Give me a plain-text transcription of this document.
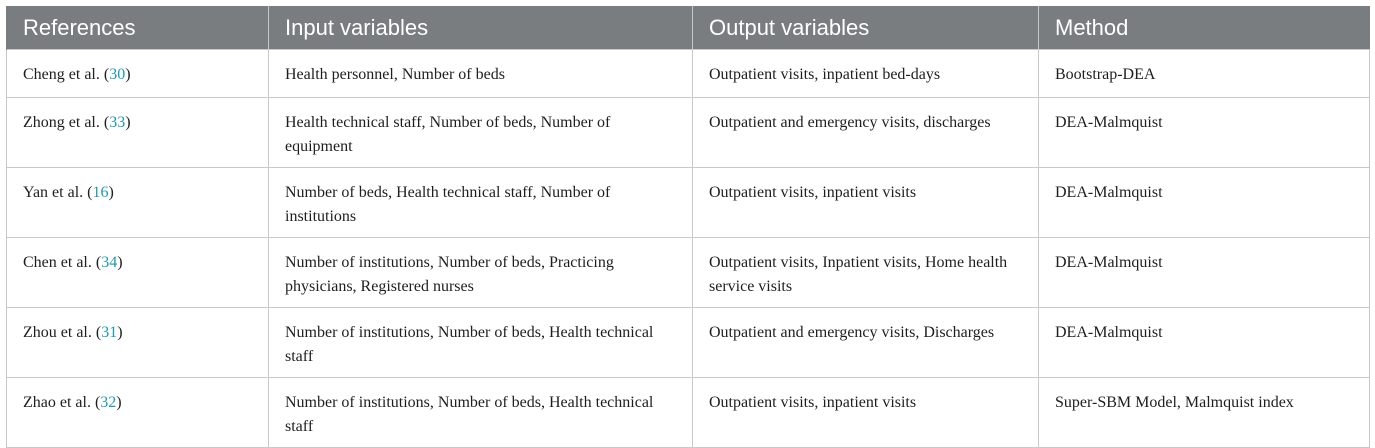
References	Input variables	Output variables	Method
Cheng et al. (30)	Health personnel, Number of beds	Outpatient visits, inpatient bed-days	Bootstrap-DEA
Zhong et al. (33)	Health technical staff, Number of beds, Number of equipment	Outpatient and emergency visits, discharges	DEA-Malmquist
Yan et al. (16)	Number of beds, Health technical staff, Number of institutions	Outpatient visits, inpatient visits	DEA-Malmquist
Chen et al. (34)	Number of institutions, Number of beds, Practicing physicians, Registered nurses	Outpatient visits, Inpatient visits, Home health service visits	DEA-Malmquist
Zhou et al. (31)	Number of institutions, Number of beds, Health technical staff	Outpatient and emergency visits, Discharges	DEA-Malmquist
Zhao et al. (32)	Number of institutions, Number of beds, Health technical staff	Outpatient visits, inpatient visits	Super-SBM Model, Malmquist index
